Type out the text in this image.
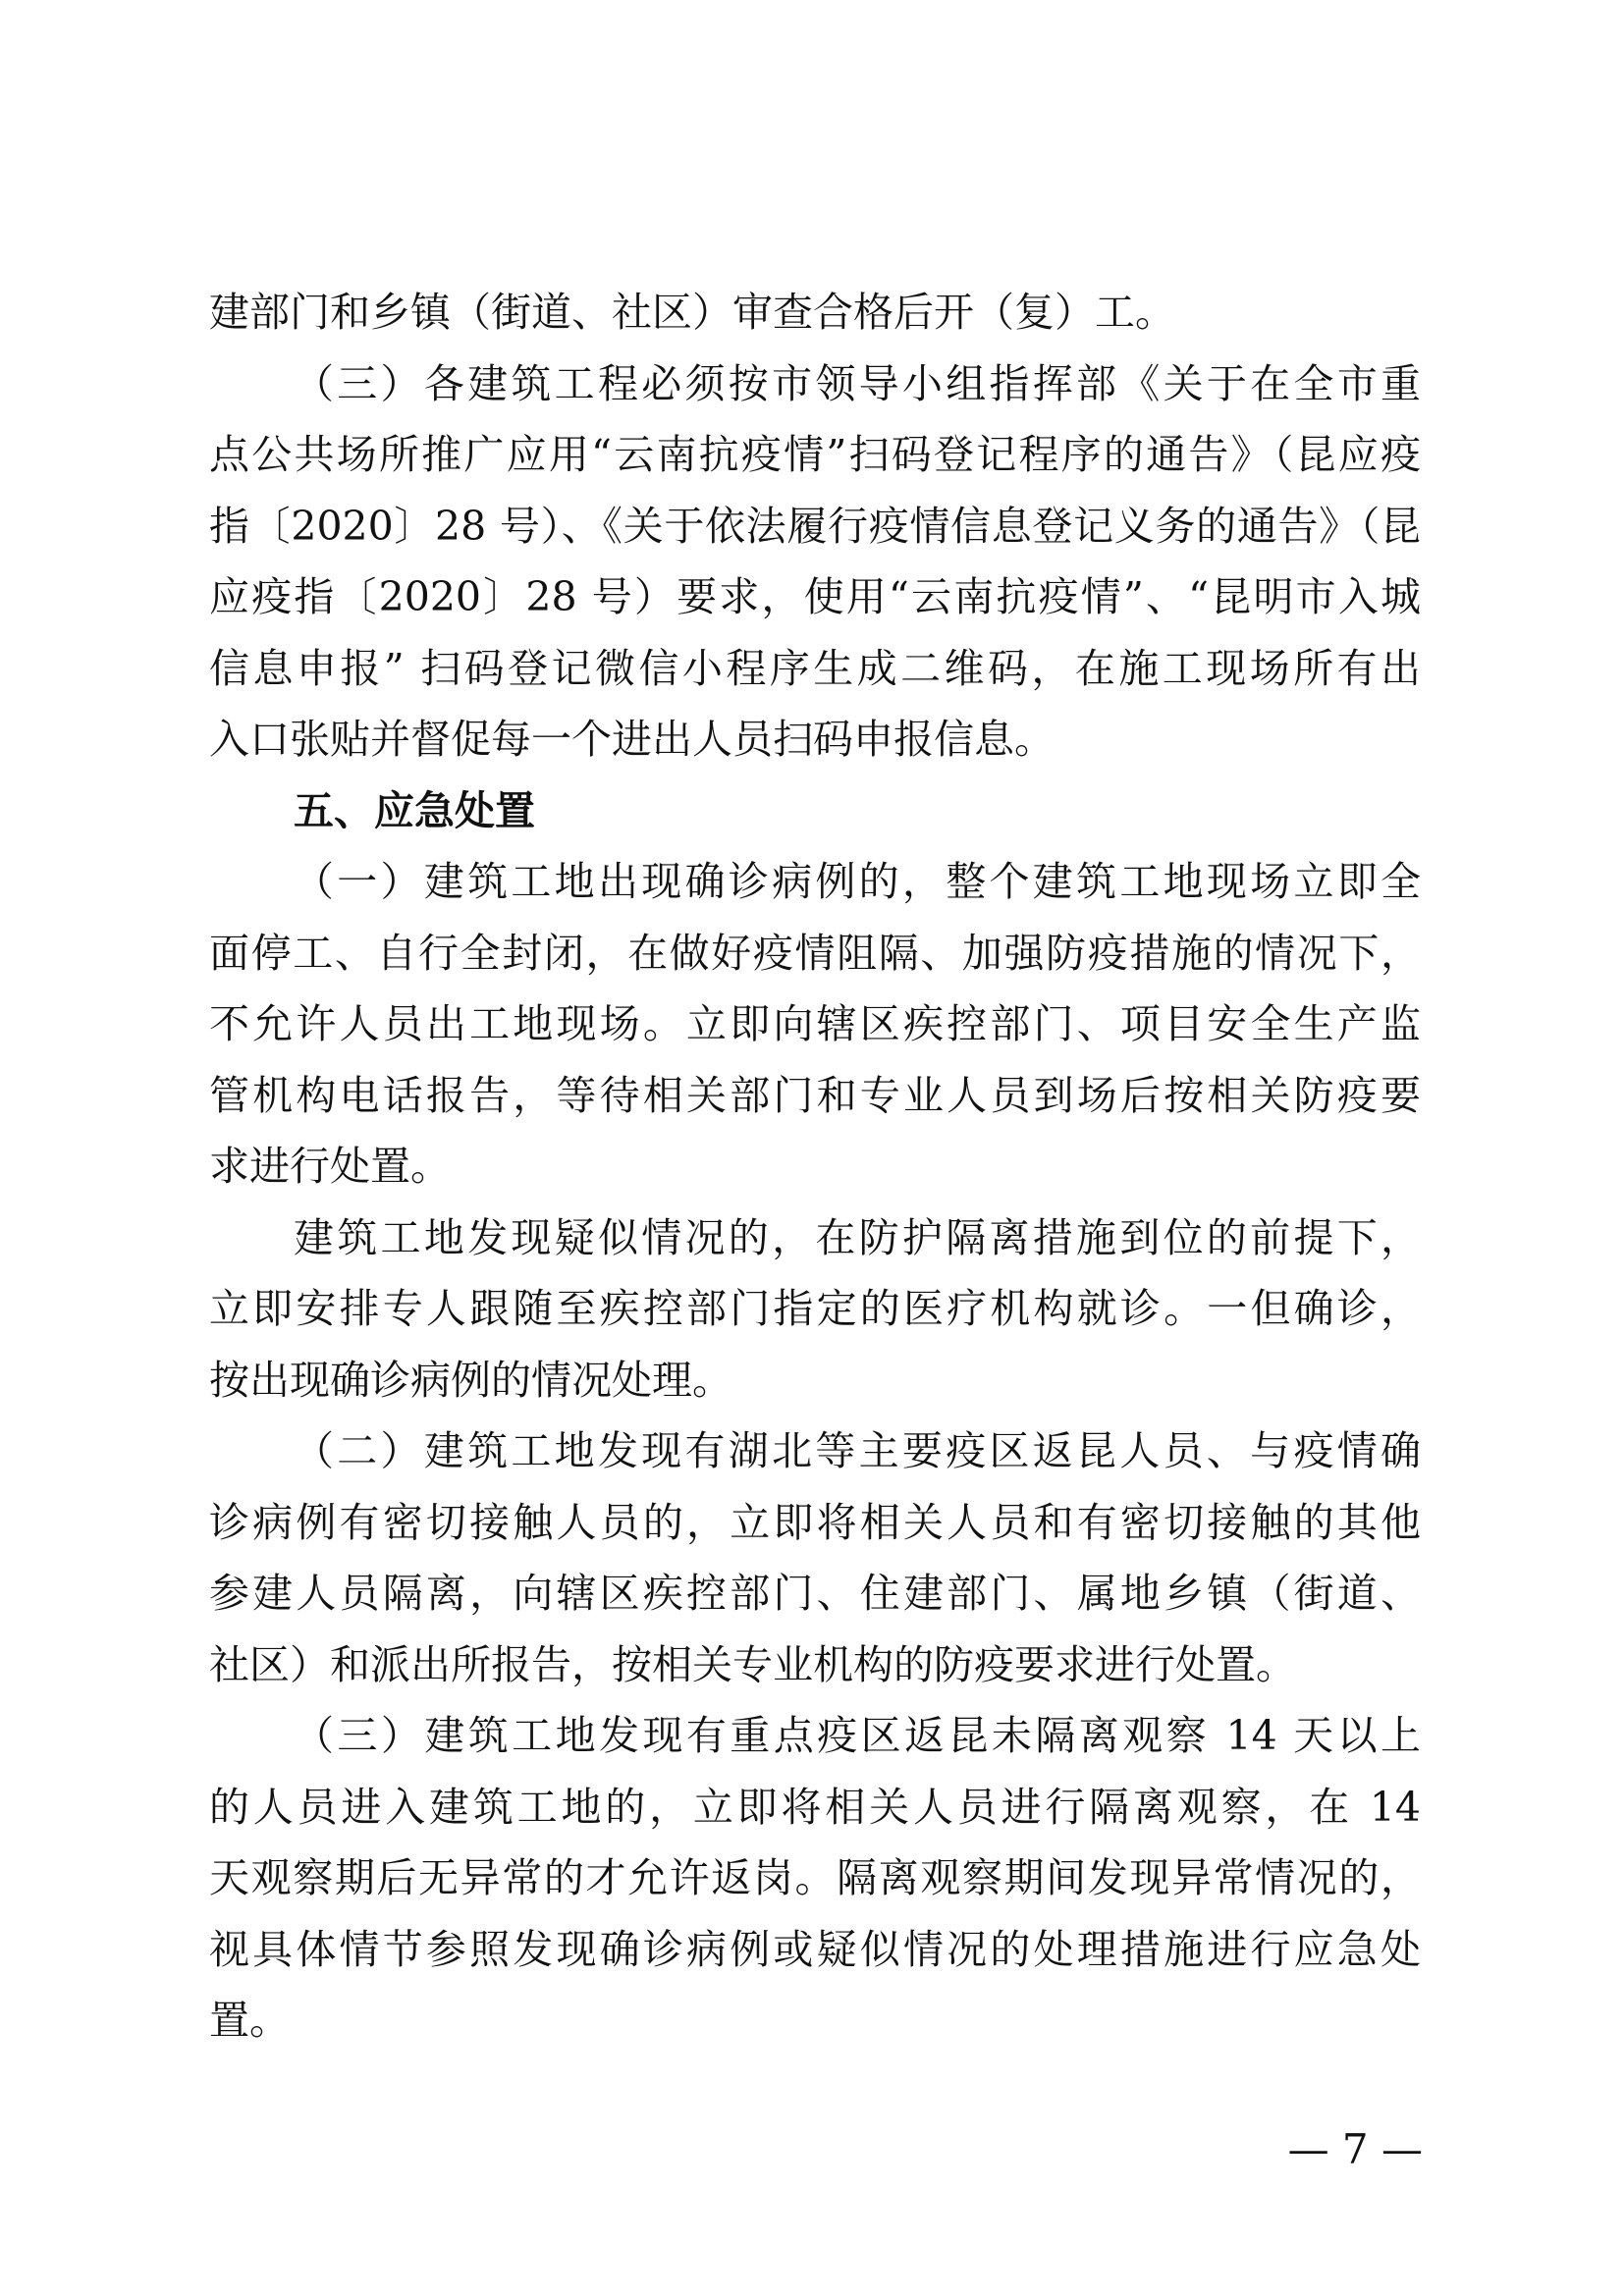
建部门和乡镇（街道、社区）审查合格后开（复）工。
（三）各建筑工程必须按市领导小组指挥部《关于在全市重
点公共场所推广应用“云南抗疫情”扫码登记程序的通告》（昆应疫
指〔2020〕28 号）、《关于依法履行疫情信息登记义务的通告》（昆
应疫指〔2020〕28 号）要求，使用“云南抗疫情”、“昆明市入城
信息申报” 扫码登记微信小程序生成二维码，在施工现场所有出
入口张贴并督促每一个进出人员扫码申报信息。
五、应急处置
（一）建筑工地出现确诊病例的，整个建筑工地现场立即全
面停工、自行全封闭，在做好疫情阻隔、加强防疫措施的情况下，
不允许人员出工地现场。立即向辖区疾控部门、项目安全生产监
管机构电话报告，等待相关部门和专业人员到场后按相关防疫要
求进行处置。
建筑工地发现疑似情况的，在防护隔离措施到位的前提下，
立即安排专人跟随至疾控部门指定的医疗机构就诊。一但确诊，
按出现确诊病例的情况处理。
（二）建筑工地发现有湖北等主要疫区返昆人员、与疫情确
诊病例有密切接触人员的，立即将相关人员和有密切接触的其他
参建人员隔离，向辖区疾控部门、住建部门、属地乡镇（街道、
社区）和派出所报告，按相关专业机构的防疫要求进行处置。
（三）建筑工地发现有重点疫区返昆未隔离观察 14 天以上
的人员进入建筑工地的，立即将相关人员进行隔离观察，在 14
天观察期后无异常的才允许返岗。隔离观察期间发现异常情况的，
视具体情节参照发现确诊病例或疑似情况的处理措施进行应急处
置。
— 7 —
